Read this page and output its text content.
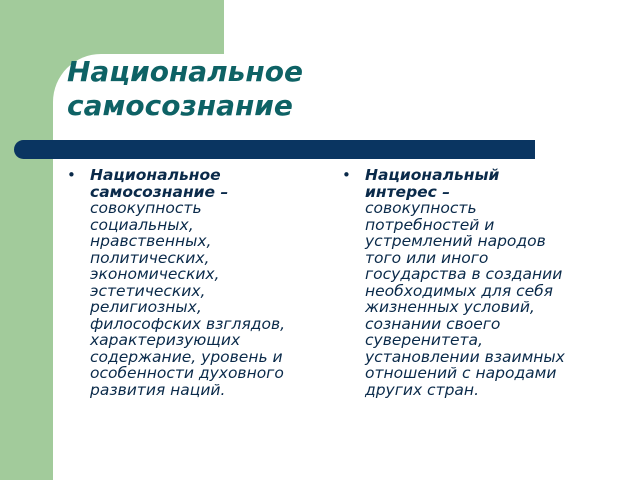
Национальное
самосознание
• Национальное
самосознание –
совокупность
социальных,
нравственных,
политических,
экономических,
эстетических,
религиозных,
философских взглядов,
характеризующих
содержание, уровень и
особенности духовного
развития наций.

• Национальный
интерес –
совокупность
потребностей и
устремлений народов
того или иного
государства в создании
необходимых для себя
жизненных условий,
сознании своего
суверенитета,
установлении взаимных
отношений с народами
других стран.
